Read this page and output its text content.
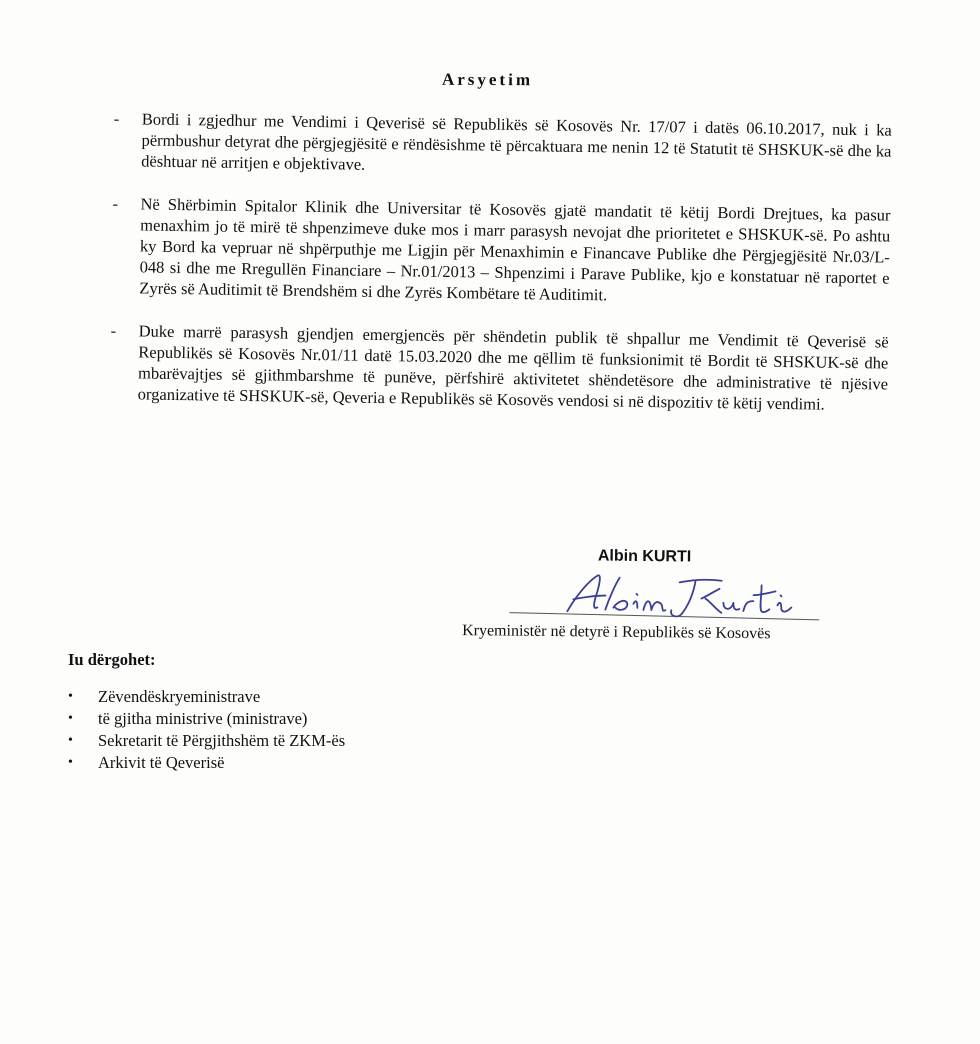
Arsyetim
- Bordi i zgjedhur me Vendimi i Qeverisë së Republikës së Kosovës Nr. 17/07 i datës 06.10.2017, nuk i ka përmbushur detyrat dhe përgjegjësitë e rëndësishme të përcaktuara me nenin 12 të Statutit të SHSKUK-së dhe ka dështuar në arritjen e objektivave.
- Në Shërbimin Spitalor Klinik dhe Universitar të Kosovës gjatë mandatit të këtij Bordi Drejtues, ka pasur menaxhim jo të mirë të shpenzimeve duke mos i marr parasysh nevojat dhe prioritetet e SHSKUK-së. Po ashtu ky Bord ka vepruar në shpërputhje me Ligjin për Menaxhimin e Financave Publike dhe Përgjegjësitë Nr.03/L-048 si dhe me Rregullën Financiare – Nr.01/2013 – Shpenzimi i Parave Publike, kjo e konstatuar në raportet e Zyrës së Auditimit të Brendshëm si dhe Zyrës Kombëtare të Auditimit.
- Duke marrë parasysh gjendjen emergjencës për shëndetin publik të shpallur me Vendimit të Qeverisë së Republikës së Kosovës Nr.01/11 datë 15.03.2020 dhe me qëllim të funksionimit të Bordit të SHSKUK-së dhe mbarëvajtjes së gjithmbarshme të punëve, përfshirë aktivitetet shëndetësore dhe administrative të njësive organizative të SHSKUK-së, Qeveria e Republikës së Kosovës vendosi si në dispozitiv të këtij vendimi.
Albin KURTI
Kryeministër në detyrë i Republikës së Kosovës
Iu dërgohet:
• Zëvendëskryeministrave
• të gjitha ministrive (ministrave)
• Sekretarit të Përgjithshëm të ZKM-ës
• Arkivit të Qeverisë
